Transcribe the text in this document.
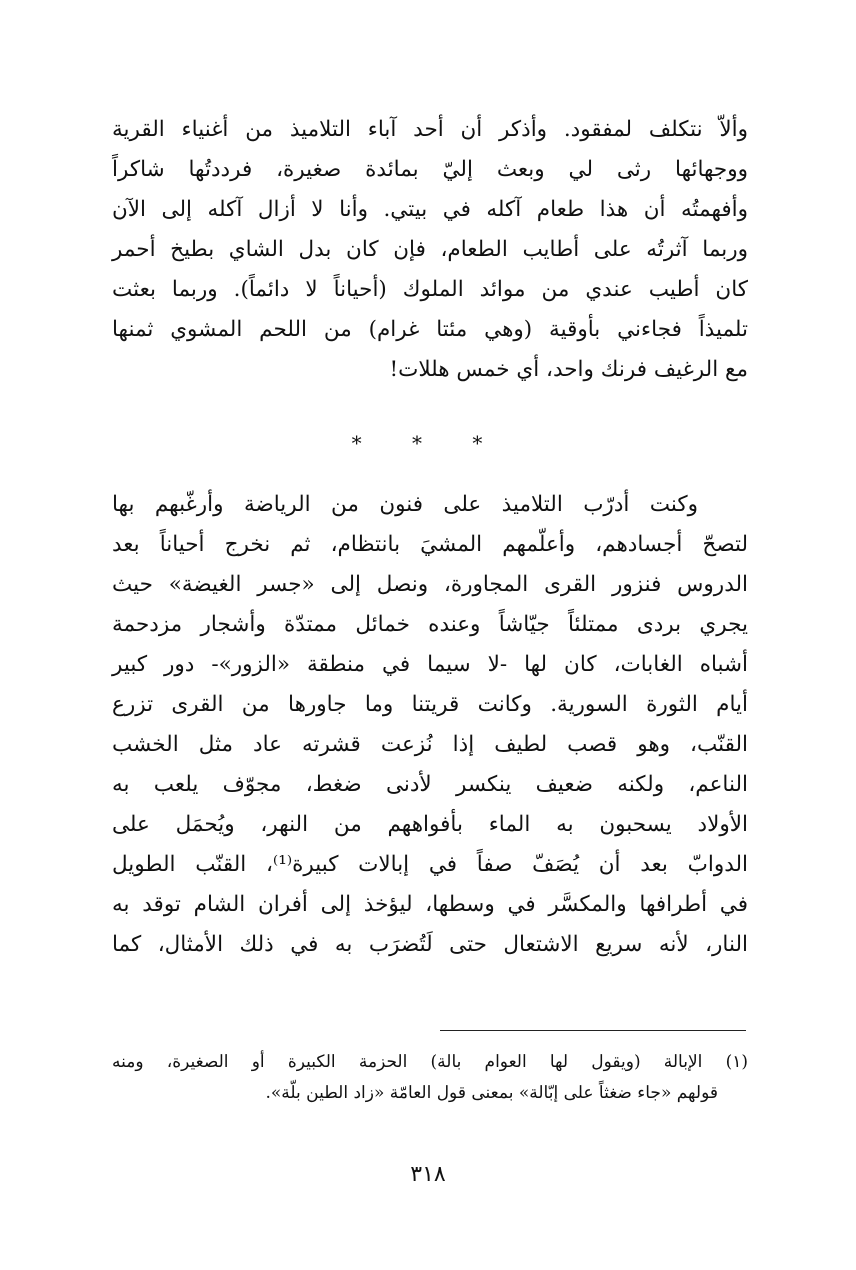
وألاّ نتكلف لمفقود. وأذكر أن أحد آباء التلاميذ من أغنياء القرية
ووجهائها رثى لي وبعث إليّ بمائدة صغيرة، فرددتُها شاكراً
وأفهمتُه أن هذا طعام آكله في بيتي. وأنا لا أزال آكله إلى الآن
وربما آثرتُه على أطايب الطعام، فإن كان بدل الشاي بطيخ أحمر
كان أطيب عندي من موائد الملوك (أحياناً لا دائماً). وربما بعثت
تلميذاً فجاءني بأوقية (وهي مئتا غرام) من اللحم المشوي ثمنها
مع الرغيف فرنك واحد، أي خمس هللات!
* * *
وكنت أدرّب التلاميذ على فنون من الرياضة وأرغّبهم بها
لتصحّ أجسادهم، وأعلّمهم المشيَ بانتظام، ثم نخرج أحياناً بعد
الدروس فنزور القرى المجاورة، ونصل إلى «جسر الغيضة» حيث
يجري بردى ممتلئاً جيّاشاً وعنده خمائل ممتدّة وأشجار مزدحمة
أشباه الغابات، كان لها -لا سيما في منطقة «الزور»- دور كبير
أيام الثورة السورية. وكانت قريتنا وما جاورها من القرى تزرع
القنّب، وهو قصب لطيف إذا نُزعت قشرته عاد مثل الخشب
الناعم، ولكنه ضعيف ينكسر لأدنى ضغط، مجوّف يلعب به
الأولاد يسحبون به الماء بأفواههم من النهر، ويُحمَل على
الدوابّ بعد أن يُصَفّ صفاً في إبالات كبيرة⁽¹⁾، القنّب الطويل
في أطرافها والمكسَّر في وسطها، ليؤخذ إلى أفران الشام توقد به
النار، لأنه سريع الاشتعال حتى لَتُضرَب به في ذلك الأمثال، كما
(١) الإبالة (ويقول لها العوام بالة) الحزمة الكبيرة أو الصغيرة، ومنه
قولهم «جاء ضغثاً على إبّالة» بمعنى قول العامّة «زاد الطين بلّة».
٣١٨
